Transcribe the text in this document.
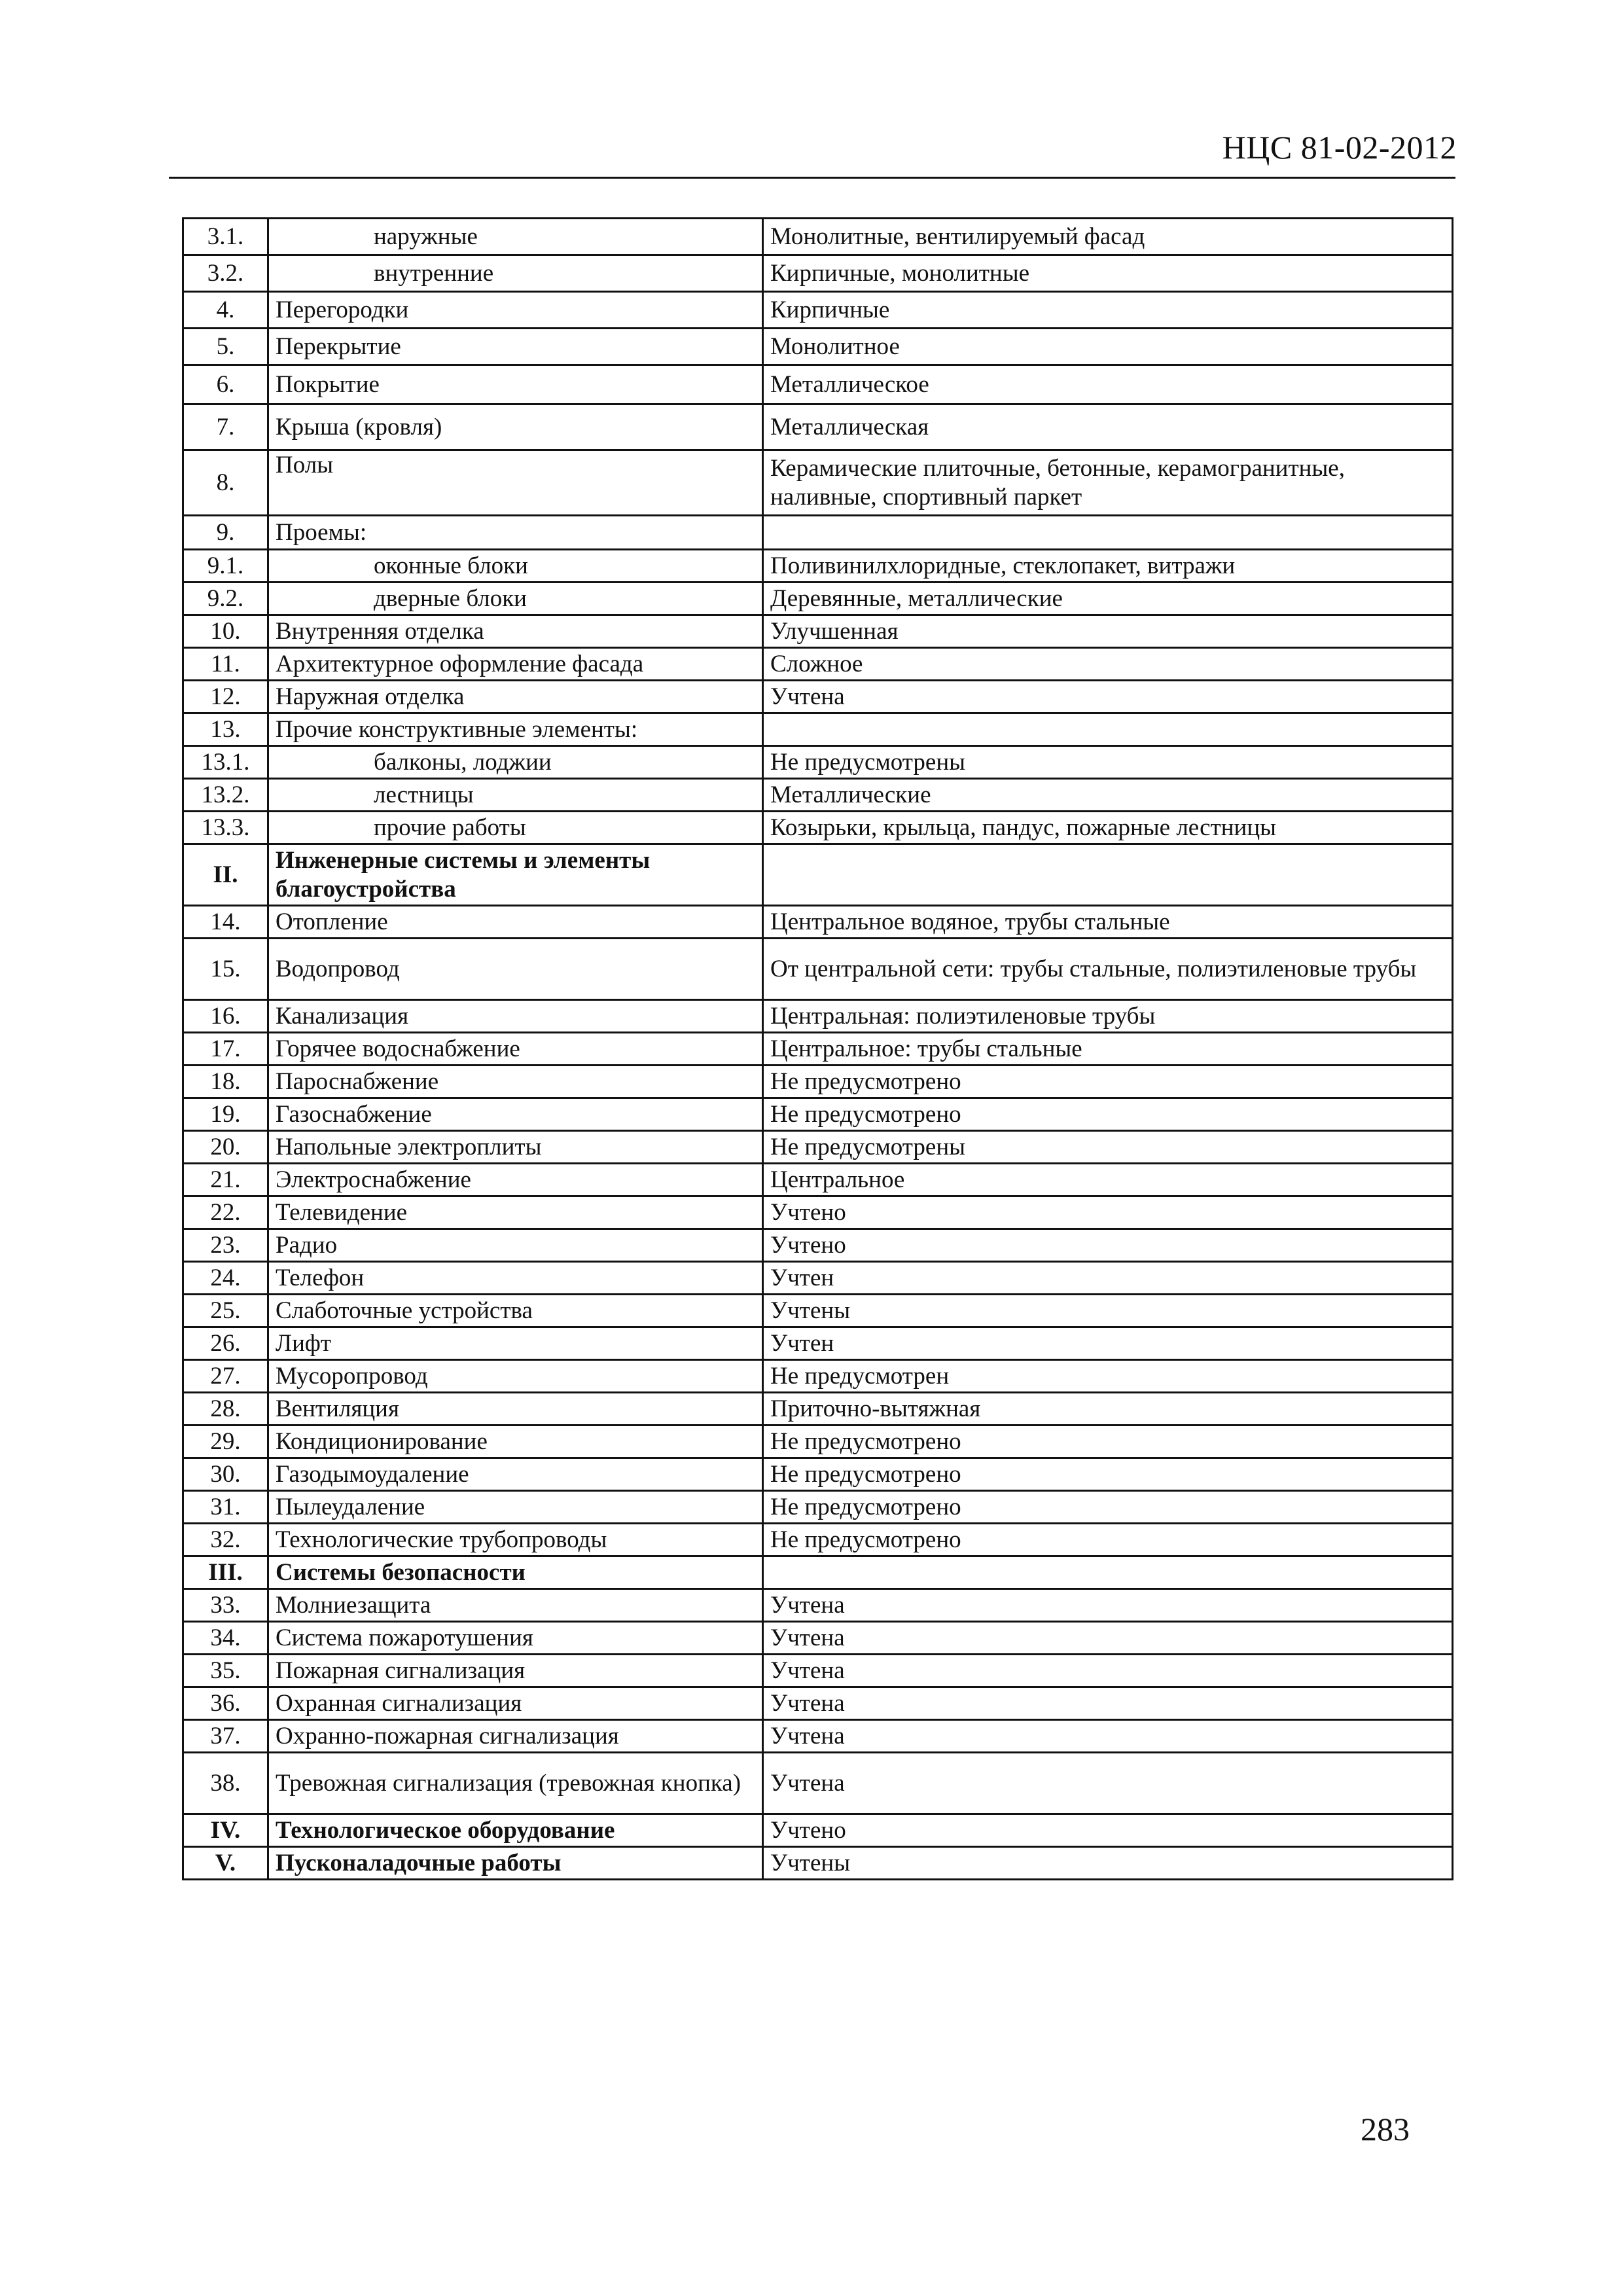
НЦС 81-02-2012
3.1.	наружные	Монолитные, вентилируемый фасад
3.2.	внутренние	Кирпичные, монолитные
4.	Перегородки	Кирпичные
5.	Перекрытие	Монолитное
6.	Покрытие	Металлическое
7.	Крыша (кровля)	Металлическая
8.	Полы	Керамические плиточные, бетонные, керамогранитные, наливные, спортивный паркет
9.	Проемы:	
9.1.	оконные блоки	Поливинилхлоридные, стеклопакет, витражи
9.2.	дверные блоки	Деревянные, металлические
10.	Внутренняя отделка	Улучшенная
11.	Архитектурное оформление фасада	Сложное
12.	Наружная отделка	Учтена
13.	Прочие конструктивные элементы:	
13.1.	балконы, лоджии	Не предусмотрены
13.2.	лестницы	Металлические
13.3.	прочие работы	Козырьки, крыльца, пандус, пожарные лестницы
II.	Инженерные системы и элементы благоустройства	
14.	Отопление	Центральное водяное, трубы стальные
15.	Водопровод	От центральной сети: трубы стальные, полиэтиленовые трубы
16.	Канализация	Центральная: полиэтиленовые трубы
17.	Горячее водоснабжение	Центральное: трубы стальные
18.	Пароснабжение	Не предусмотрено
19.	Газоснабжение	Не предусмотрено
20.	Напольные электроплиты	Не предусмотрены
21.	Электроснабжение	Центральное
22.	Телевидение	Учтено
23.	Радио	Учтено
24.	Телефон	Учтен
25.	Слаботочные устройства	Учтены
26.	Лифт	Учтен
27.	Мусоропровод	Не предусмотрен
28.	Вентиляция	Приточно-вытяжная
29.	Кондиционирование	Не предусмотрено
30.	Газодымоудаление	Не предусмотрено
31.	Пылеудаление	Не предусмотрено
32.	Технологические трубопроводы	Не предусмотрено
III.	Системы безопасности	
33.	Молниезащита	Учтена
34.	Система пожаротушения	Учтена
35.	Пожарная сигнализация	Учтена
36.	Охранная сигнализация	Учтена
37.	Охранно-пожарная сигнализация	Учтена
38.	Тревожная сигнализация (тревожная кнопка)	Учтена
IV.	Технологическое оборудование	Учтено
V.	Пусконаладочные работы	Учтены
283
